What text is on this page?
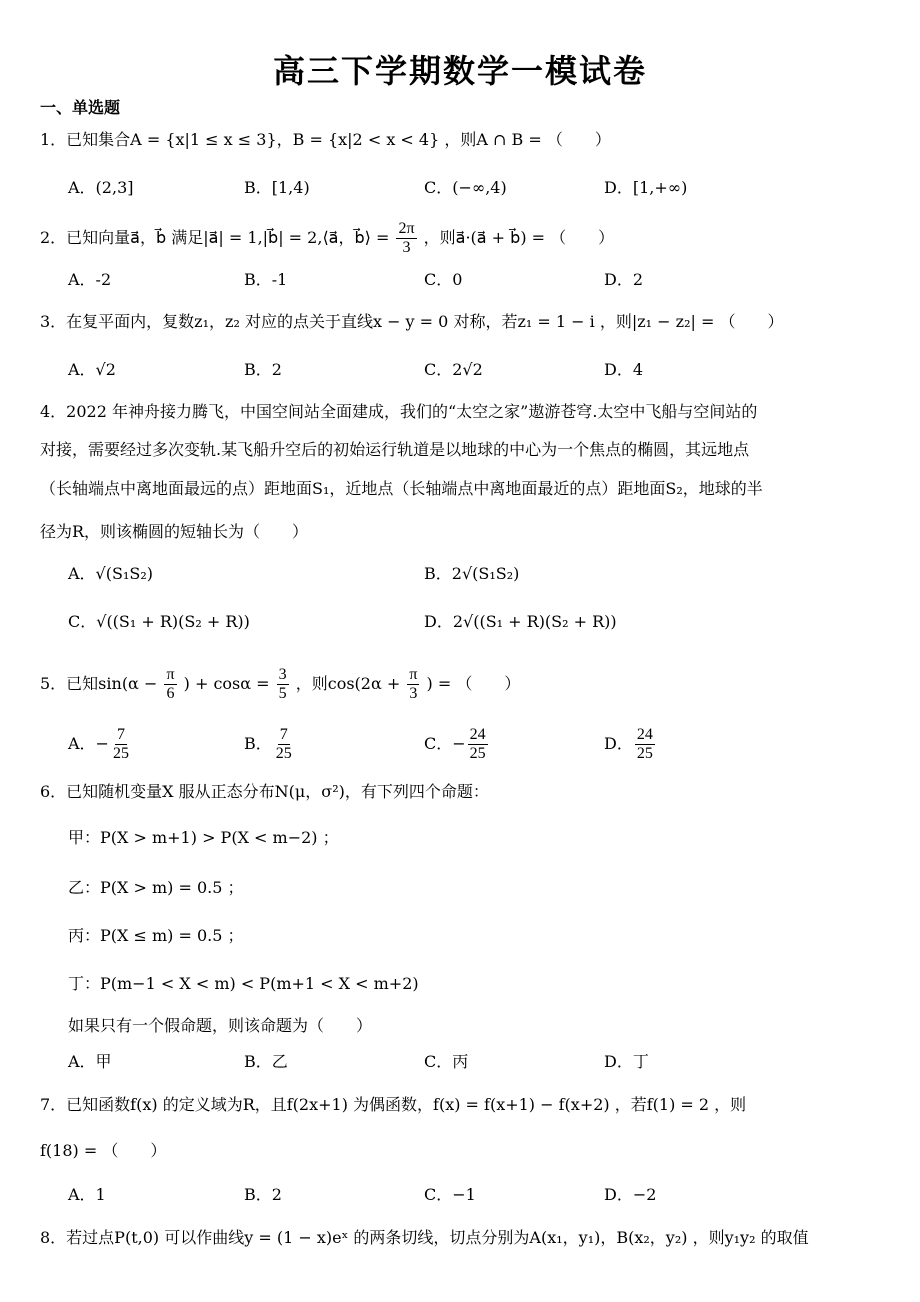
高三下学期数学一模试卷
一、单选题
1．已知集合A = {x|1 ≤ x ≤ 3}，B = {x|2 < x < 4} ，则A ∩ B = （　　）
A．(2,3]	B．[1,4)	C．(−∞,4)	D．[1,+∞)
2．已知向量a⃗，b⃗ 满足|a⃗| = 1,|b⃗| = 2,⟨a⃗，b⃗⟩ = $\frac{2\pi}{3}$ ，则a⃗·(a⃗ + b⃗) = （　　）
A．-2	B．-1	C．0	D．2
3．在复平面内，复数z₁，z₂ 对应的点关于直线x − y = 0 对称，若z₁ = 1 − i ，则|z₁ − z₂| = （　　）
A．√2	B．2	C．2√2	D．4
4．2022 年神舟接力腾飞，中国空间站全面建成，我们的“太空之家”遨游苍穹.太空中飞船与空间站的
对接，需要经过多次变轨.某飞船升空后的初始运行轨道是以地球的中心为一个焦点的椭圆，其远地点
（长轴端点中离地面最远的点）距地面S₁，近地点（长轴端点中离地面最近的点）距地面S₂，地球的半
径为R，则该椭圆的短轴长为（　　）
A．√(S₁S₂)	B．2√(S₁S₂)
C．√((S₁ + R)(S₂ + R))	D．2√((S₁ + R)(S₂ + R))
5．已知$\sin(\alpha - \frac{\pi}{6}$ ) + $\cos\alpha = \frac{3}{5}$ ，则$\cos(2\alpha + \frac{\pi}{3}$ ) = （　　）
A．− $\frac{7}{25}$	B． $\frac{7}{25}$	C．− $\frac{24}{25}$	D． $\frac{24}{25}$
6．已知随机变量X 服从正态分布N(μ，σ²)，有下列四个命题：
甲：P(X > m+1) > P(X < m−2) ；
乙：P(X > m) = 0.5 ；
丙：P(X ≤ m) = 0.5 ；
丁：P(m−1 < X < m) < P(m+1 < X < m+2)
如果只有一个假命题，则该命题为（　　）
A．甲	B．乙	C．丙	D．丁
7．已知函数f(x) 的定义域为R，且f(2x+1) 为偶函数，f(x) = f(x+1) − f(x+2) ，若f(1) = 2 ，则
f(18) = （　　）
A．1	B．2	C．−1	D．−2
8．若过点P(t,0) 可以作曲线y = (1 − x)eˣ 的两条切线，切点分别为A(x₁，y₁)，B(x₂，y₂) ，则y₁y₂ 的取值
